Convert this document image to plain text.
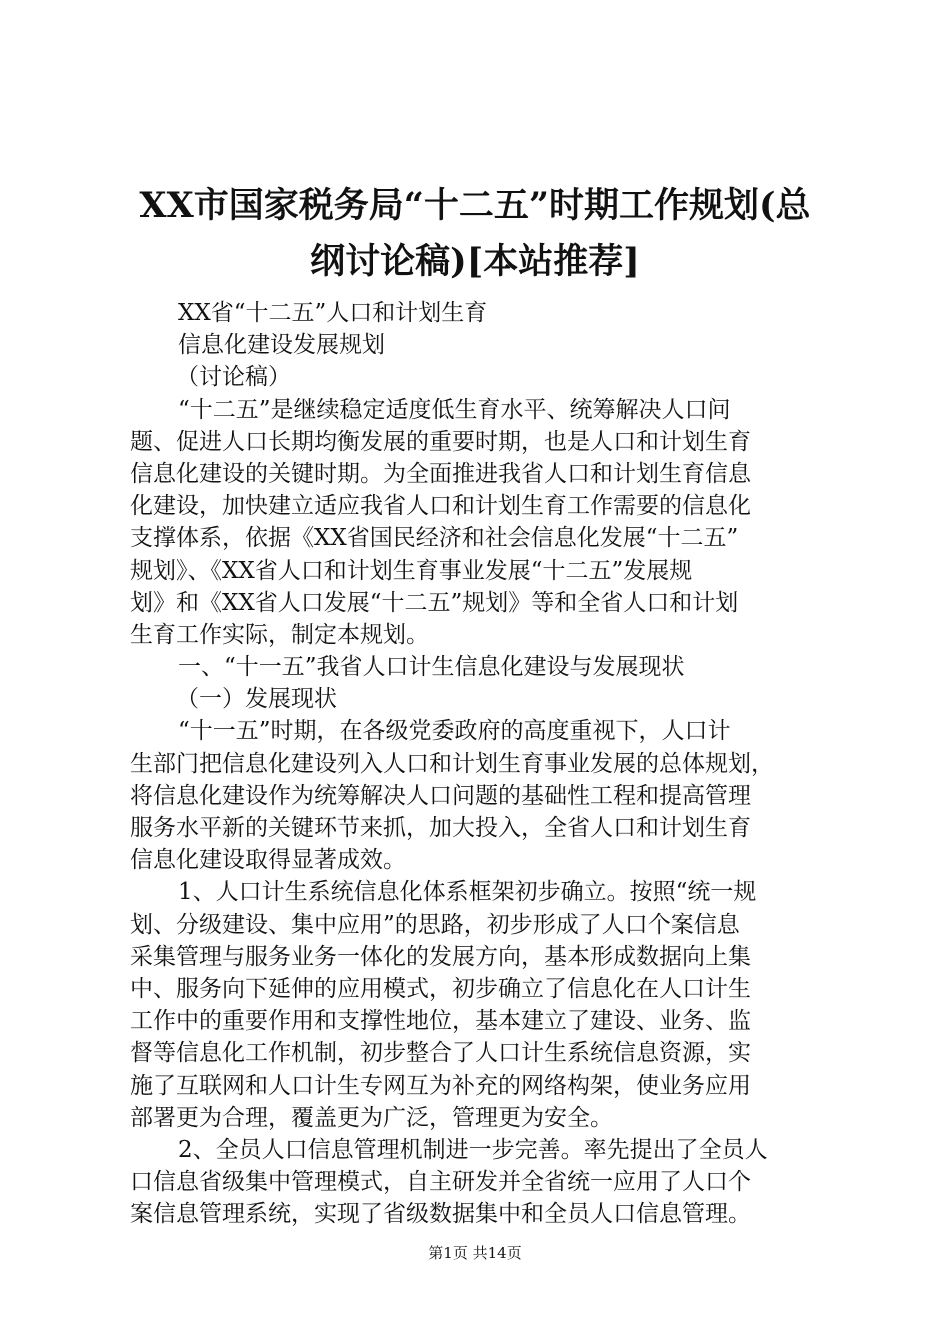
XX市国家税务局“十二五”时期工作规划(总
纲讨论稿)[本站推荐]
XX省“十二五”人口和计划生育
信息化建设发展规划
（讨论稿）
“十二五”是继续稳定适度低生育水平、统筹解决人口问
题、促进人口长期均衡发展的重要时期，也是人口和计划生育
信息化建设的关键时期。为全面推进我省人口和计划生育信息
化建设，加快建立适应我省人口和计划生育工作需要的信息化
支撑体系，依据《XX省国民经济和社会信息化发展“十二五”
规划》、《XX省人口和计划生育事业发展“十二五”发展规
划》和《XX省人口发展“十二五”规划》等和全省人口和计划
生育工作实际，制定本规划。
一、“十一五”我省人口计生信息化建设与发展现状
（一）发展现状
“十一五”时期，在各级党委政府的高度重视下，人口计
生部门把信息化建设列入人口和计划生育事业发展的总体规划，
将信息化建设作为统筹解决人口问题的基础性工程和提高管理
服务水平新的关键环节来抓，加大投入，全省人口和计划生育
信息化建设取得显著成效。
1、人口计生系统信息化体系框架初步确立。按照“统一规
划、分级建设、集中应用”的思路，初步形成了人口个案信息
采集管理与服务业务一体化的发展方向，基本形成数据向上集
中、服务向下延伸的应用模式，初步确立了信息化在人口计生
工作中的重要作用和支撑性地位，基本建立了建设、业务、监
督等信息化工作机制，初步整合了人口计生系统信息资源，实
施了互联网和人口计生专网互为补充的网络构架，使业务应用
部署更为合理，覆盖更为广泛，管理更为安全。
2、全员人口信息管理机制进一步完善。率先提出了全员人
口信息省级集中管理模式，自主研发并全省统一应用了人口个
案信息管理系统，实现了省级数据集中和全员人口信息管理。
第1页 共14页
